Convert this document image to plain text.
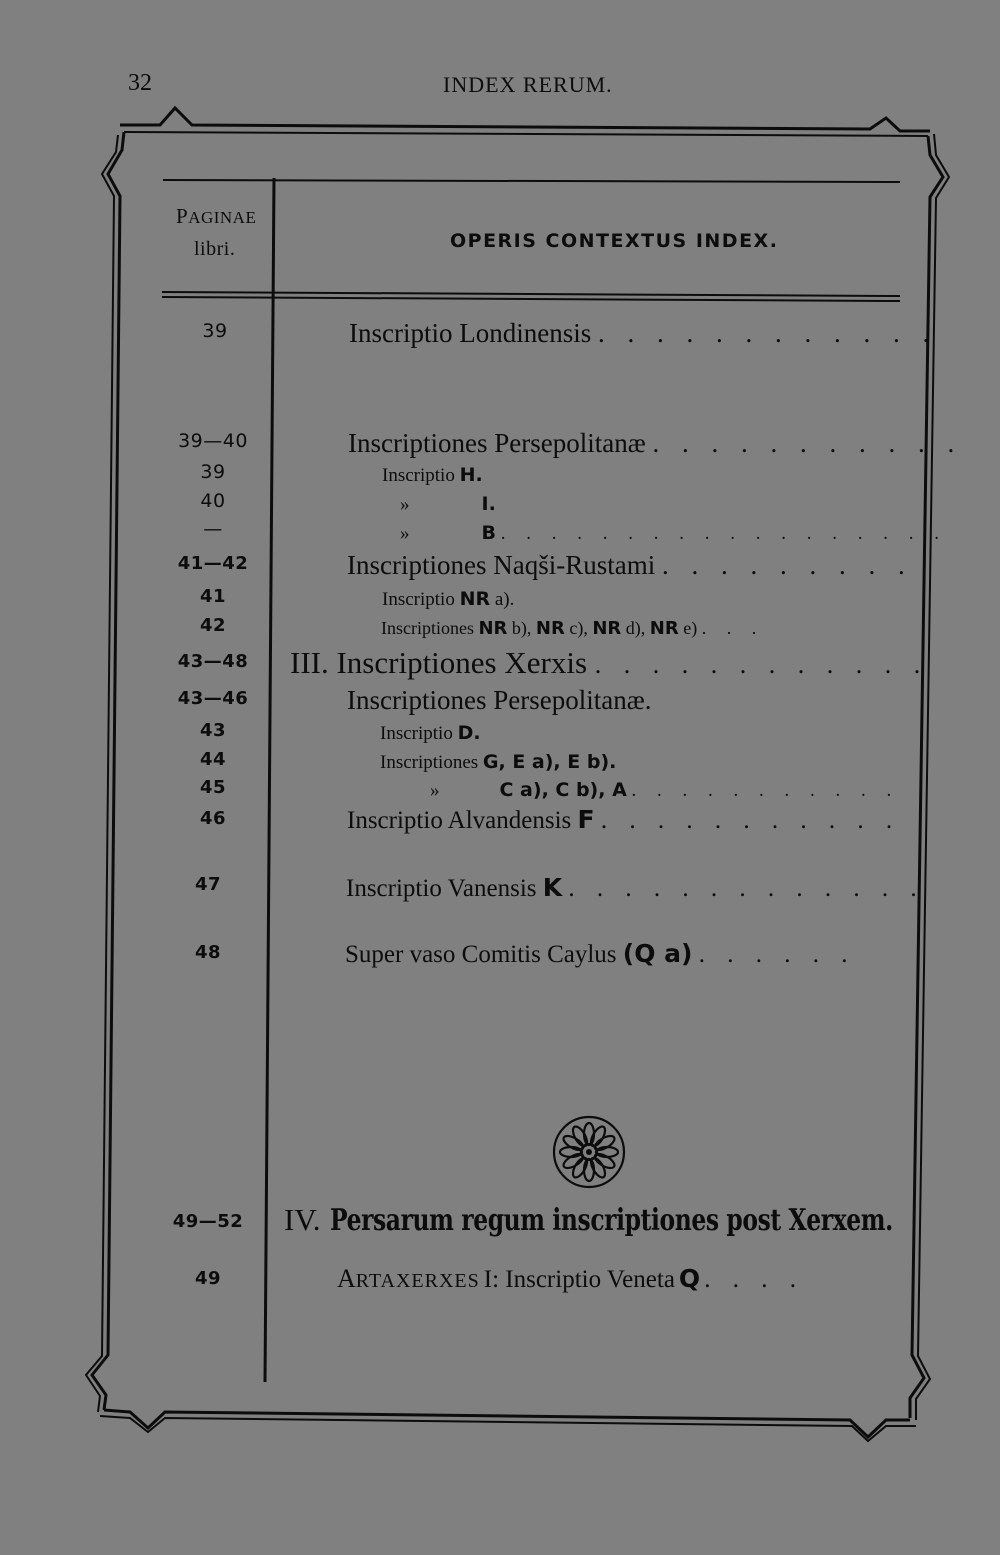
32	INDEX RERUM.
PAGINAE
libri.	OPERIS CONTEXTUS INDEX.
39	Inscriptio Londinensis . . . . . . . . . . . .
39—40	Inscriptiones Persepolitanæ . . . . . . . . . . .
39	Inscriptio H.
40	»	I.
—	»	B . . . . . . . . . . . . . . . . . .
41—42	Inscriptiones Naqši-Rustami . . . . . . . . .
41	Inscriptio NR a).
42	Inscriptiones NR b), NR c), NR d), NR e) . . .
43—48	III. Inscriptiones Xerxis . . . . . . . . . . . .
43—46	Inscriptiones Persepolitanæ.
43	Inscriptio D.
44	Inscriptiones G, E a), E b).
45	»	C a), C b), A . . . . . . . . . . .
46	Inscriptio Alvandensis F . . . . . . . . . . .
47	Inscriptio Vanensis K . . . . . . . . . . . . .
48	Super vaso Comitis Caylus (Q a) . . . . . .
49—52	IV. Persarum regum inscriptiones post Xerxem.
49	ARTAXERXES I: Inscriptio Veneta Q . . . .
